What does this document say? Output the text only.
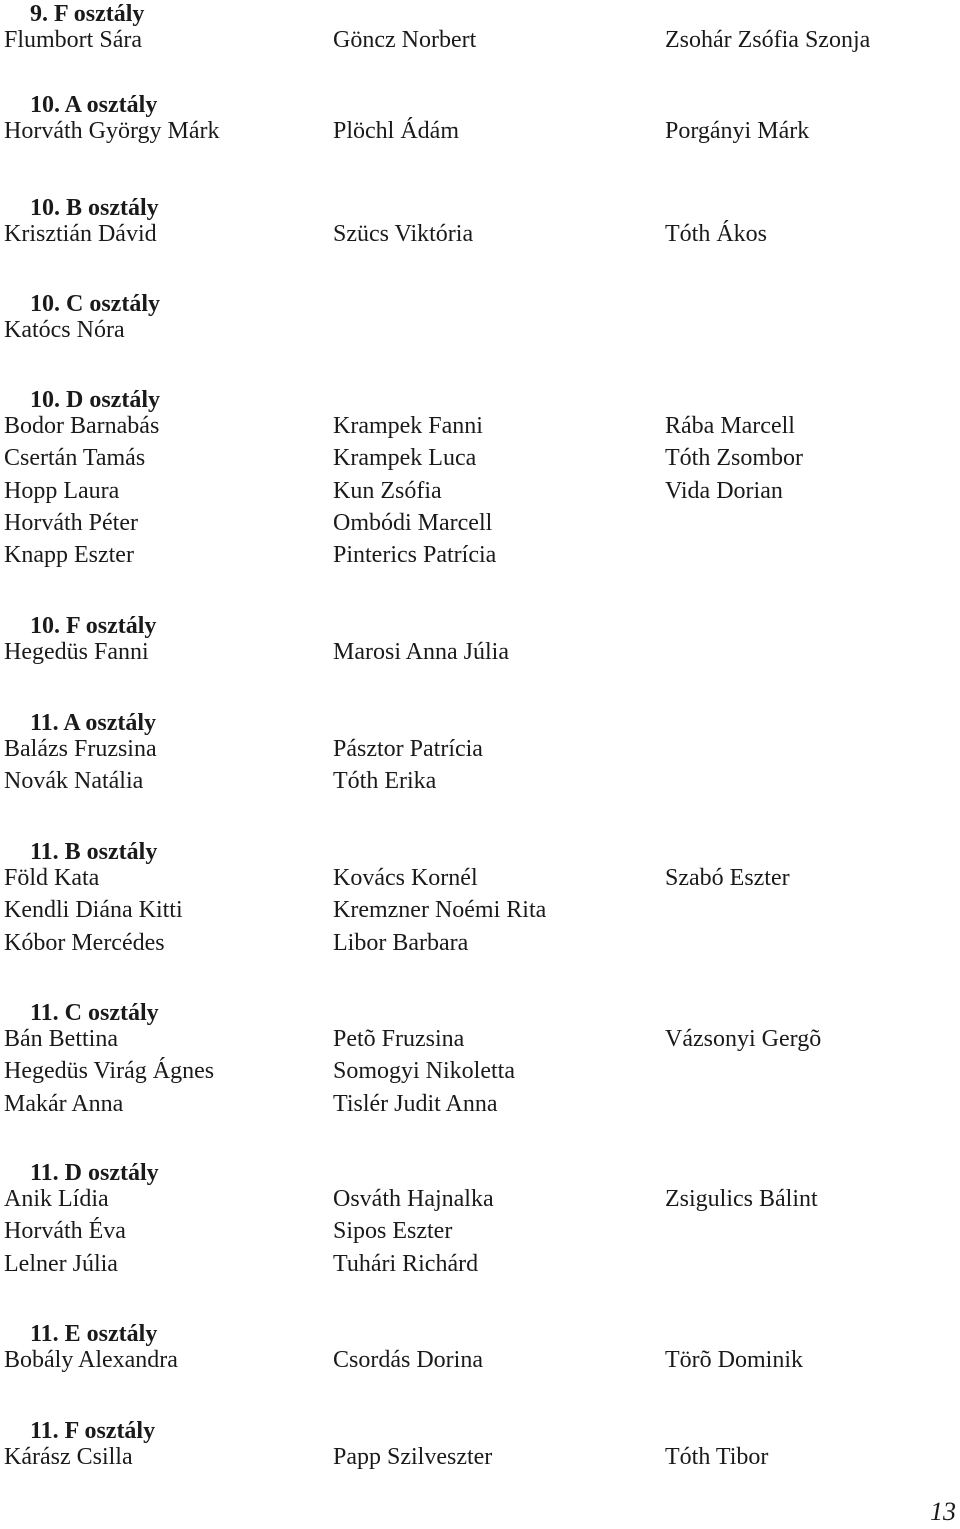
9. F osztály
Flumbort Sára	Göncz Norbert	Zsohár Zsófia Szonja
10. A osztály
Horváth György Márk	Plöchl Ádám	Porgányi Márk
10. B osztály
Krisztián Dávid	Szücs Viktória	Tóth Ákos
10. C osztály
Katócs Nóra
10. D osztály
Bodor Barnabás	Krampek Fanni	Rába Marcell
Csertán Tamás	Krampek Luca	Tóth Zsombor
Hopp Laura	Kun Zsófia	Vida Dorian
Horváth Péter	Ombódi Marcell
Knapp Eszter	Pinterics Patrícia
10. F osztály
Hegedüs Fanni	Marosi Anna Júlia
11. A osztály
Balázs Fruzsina	Pásztor Patrícia
Novák Natália	Tóth Erika
11. B osztály
Föld Kata	Kovács Kornél	Szabó Eszter
Kendli Diána Kitti	Kremzner Noémi Rita
Kóbor Mercédes	Libor Barbara
11. C osztály
Bán Bettina	Petõ Fruzsina	Vázsonyi Gergõ
Hegedüs Virág Ágnes	Somogyi Nikoletta
Makár Anna	Tislér Judit Anna
11. D osztály
Anik Lídia	Osváth Hajnalka	Zsigulics Bálint
Horváth Éva	Sipos Eszter
Lelner Júlia	Tuhári Richárd
11. E osztály
Bobály Alexandra	Csordás Dorina	Törõ Dominik
11. F osztály
Kárász Csilla	Papp Szilveszter	Tóth Tibor
13
